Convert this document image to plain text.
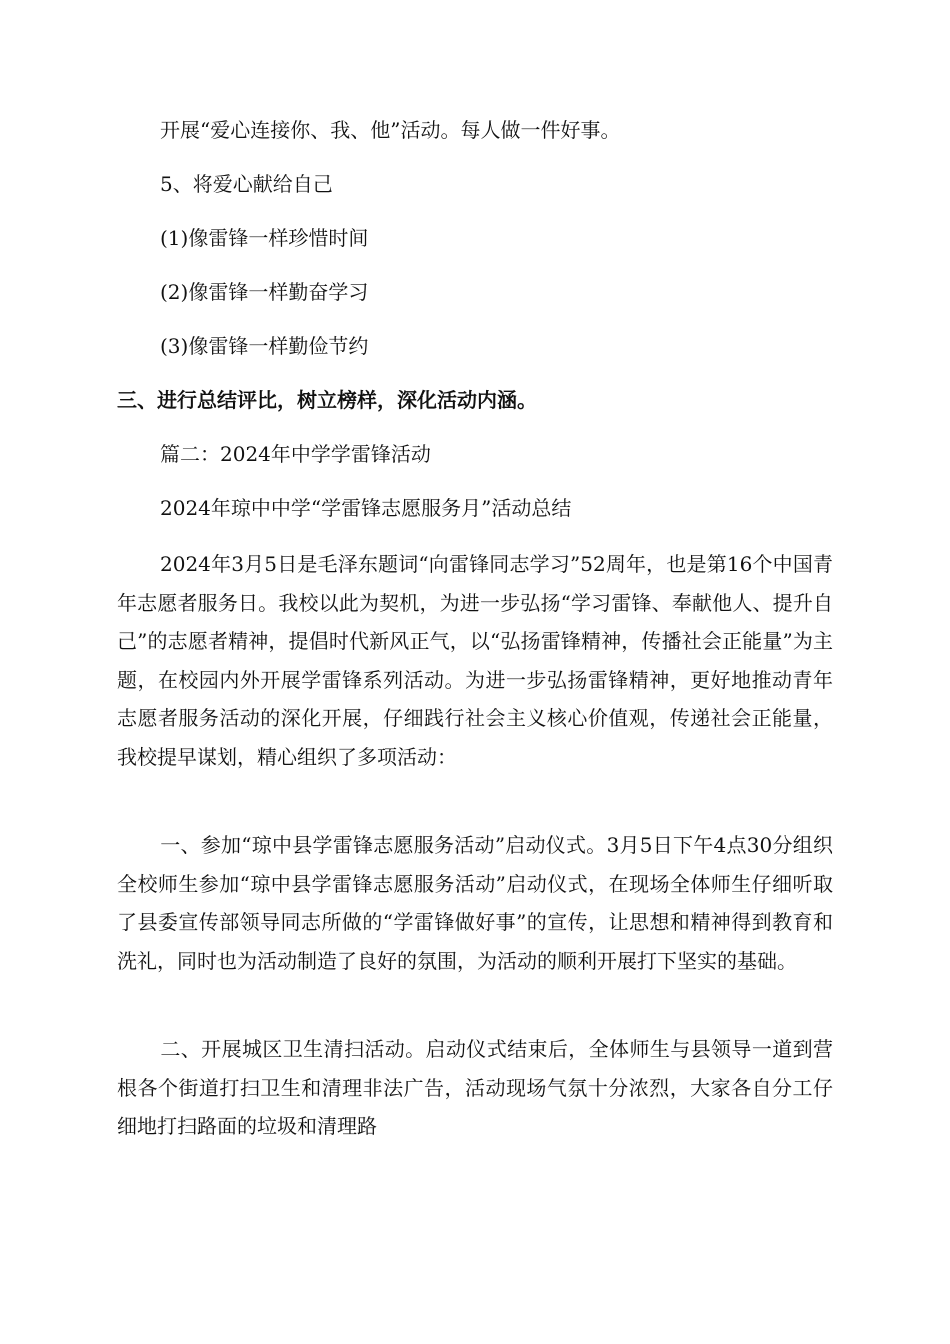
开展“爱心连接你、我、他”活动。每人做一件好事。
5、将爱心献给自己
(1)像雷锋一样珍惜时间
(2)像雷锋一样勤奋学习
(3)像雷锋一样勤俭节约
三、进行总结评比，树立榜样，深化活动内涵。
篇二：2024年中学学雷锋活动
2024年琼中中学“学雷锋志愿服务月”活动总结
2024年3月5日是毛泽东题词“向雷锋同志学习”52周年，也是第16个中国青年志愿者服务日。我校以此为契机，为进一步弘扬“学习雷锋、奉献他人、提升自己”的志愿者精神，提倡时代新风正气，以“弘扬雷锋精神，传播社会正能量”为主题，在校园内外开展学雷锋系列活动。为进一步弘扬雷锋精神，更好地推动青年志愿者服务活动的深化开展，仔细践行社会主义核心价值观，传递社会正能量，我校提早谋划，精心组织了多项活动：
一、参加“琼中县学雷锋志愿服务活动”启动仪式。3月5日下午4点30分组织全校师生参加“琼中县学雷锋志愿服务活动”启动仪式，在现场全体师生仔细听取了县委宣传部领导同志所做的“学雷锋做好事”的宣传，让思想和精神得到教育和洗礼，同时也为活动制造了良好的氛围，为活动的顺利开展打下坚实的基础。
二、开展城区卫生清扫活动。启动仪式结束后，全体师生与县领导一道到营根各个街道打扫卫生和清理非法广告，活动现场气氛十分浓烈，大家各自分工仔细地打扫路面的垃圾和清理路
